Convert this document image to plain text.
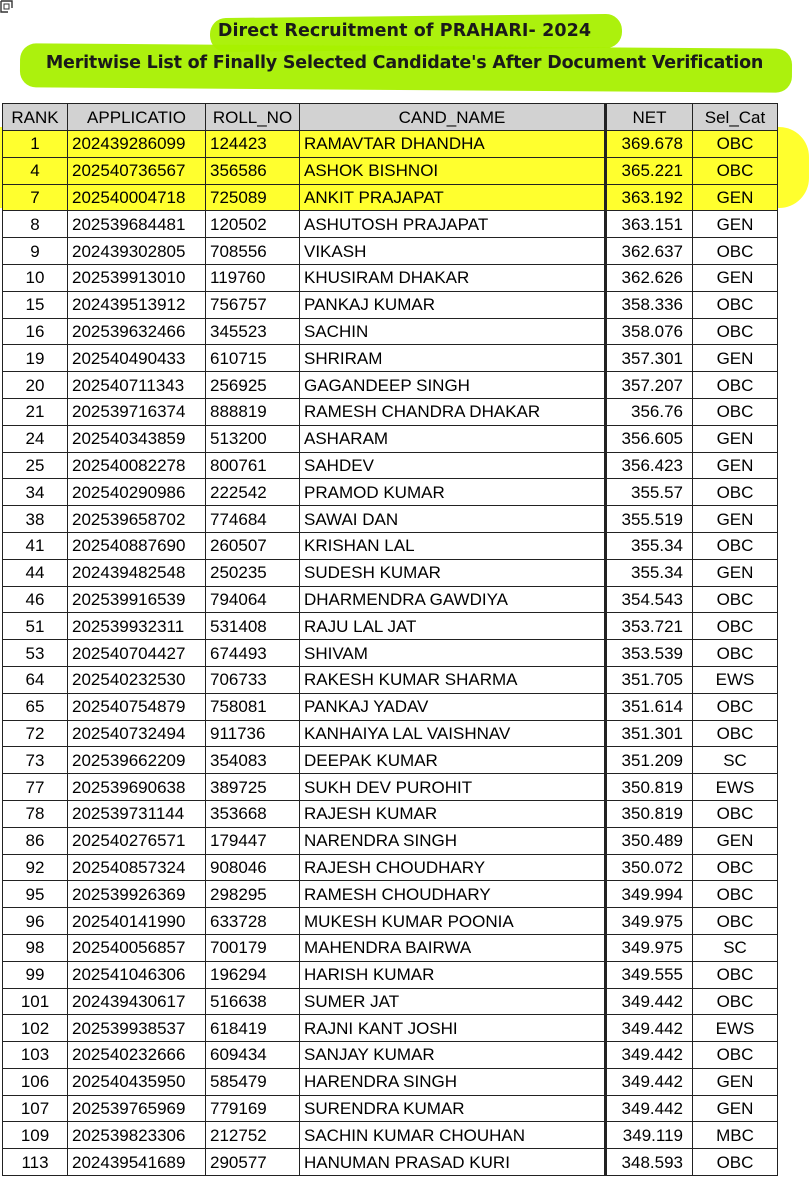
Direct Recruitment of PRAHARI- 2024
Meritwise List of Finally Selected Candidate's After Document Verification
RANK	APPLICATIO	ROLL_NO	CAND_NAME	NET	Sel_Cat
1	202439286099	124423	RAMAVTAR DHANDHA	369.678	OBC
4	202540736567	356586	ASHOK BISHNOI	365.221	OBC
7	202540004718	725089	ANKIT PRAJAPAT	363.192	GEN
8	202539684481	120502	ASHUTOSH PRAJAPAT	363.151	GEN
9	202439302805	708556	VIKASH	362.637	OBC
10	202539913010	119760	KHUSIRAM DHAKAR	362.626	GEN
15	202439513912	756757	PANKAJ KUMAR	358.336	OBC
16	202539632466	345523	SACHIN	358.076	OBC
19	202540490433	610715	SHRIRAM	357.301	GEN
20	202540711343	256925	GAGANDEEP SINGH	357.207	OBC
21	202539716374	888819	RAMESH CHANDRA DHAKAR	356.76	OBC
24	202540343859	513200	ASHARAM	356.605	GEN
25	202540082278	800761	SAHDEV	356.423	GEN
34	202540290986	222542	PRAMOD KUMAR	355.57	OBC
38	202539658702	774684	SAWAI DAN	355.519	GEN
41	202540887690	260507	KRISHAN LAL	355.34	OBC
44	202439482548	250235	SUDESH KUMAR	355.34	GEN
46	202539916539	794064	DHARMENDRA GAWDIYA	354.543	OBC
51	202539932311	531408	RAJU LAL JAT	353.721	OBC
53	202540704427	674493	SHIVAM	353.539	OBC
64	202540232530	706733	RAKESH KUMAR SHARMA	351.705	EWS
65	202540754879	758081	PANKAJ YADAV	351.614	OBC
72	202540732494	911736	KANHAIYA LAL VAISHNAV	351.301	OBC
73	202539662209	354083	DEEPAK KUMAR	351.209	SC
77	202539690638	389725	SUKH DEV PUROHIT	350.819	EWS
78	202539731144	353668	RAJESH KUMAR	350.819	OBC
86	202540276571	179447	NARENDRA SINGH	350.489	GEN
92	202540857324	908046	RAJESH CHOUDHARY	350.072	OBC
95	202539926369	298295	RAMESH CHOUDHARY	349.994	OBC
96	202540141990	633728	MUKESH KUMAR POONIA	349.975	OBC
98	202540056857	700179	MAHENDRA BAIRWA	349.975	SC
99	202541046306	196294	HARISH KUMAR	349.555	OBC
101	202439430617	516638	SUMER JAT	349.442	OBC
102	202539938537	618419	RAJNI KANT JOSHI	349.442	EWS
103	202540232666	609434	SANJAY KUMAR	349.442	OBC
106	202540435950	585479	HARENDRA SINGH	349.442	GEN
107	202539765969	779169	SURENDRA KUMAR	349.442	GEN
109	202539823306	212752	SACHIN KUMAR CHOUHAN	349.119	MBC
113	202439541689	290577	HANUMAN PRASAD KURI	348.593	OBC
